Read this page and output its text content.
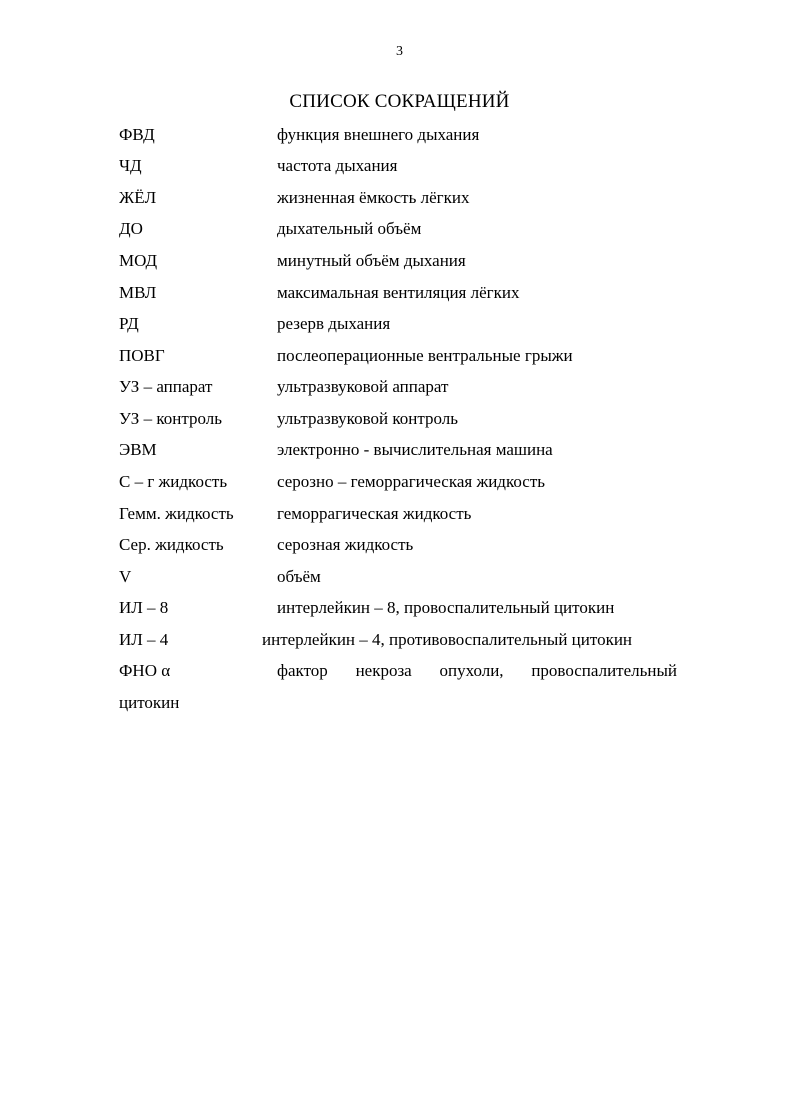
3
СПИСОК СОКРАЩЕНИЙ
ФВД	функция внешнего дыхания
ЧД	частота дыхания
ЖЁЛ	жизненная ёмкость лёгких
ДО	дыхательный объём
МОД	минутный объём дыхания
МВЛ	максимальная вентиляция лёгких
РД	резерв дыхания
ПОВГ	послеоперационные вентральные грыжи
УЗ – аппарат	ультразвуковой аппарат
УЗ – контроль	ультразвуковой контроль
ЭВМ	электронно - вычислительная машина
С – г жидкость	серозно – геморрагическая жидкость
Гемм. жидкость	геморрагическая жидкость
Сер. жидкость	серозная жидкость
V	объём
ИЛ – 8	интерлейкин – 8, провоспалительный цитокин
ИЛ – 4	интерлейкин – 4, противовоспалительный цитокин
ФНО α	фактор некроза опухоли, провоспалительный
цитокин
